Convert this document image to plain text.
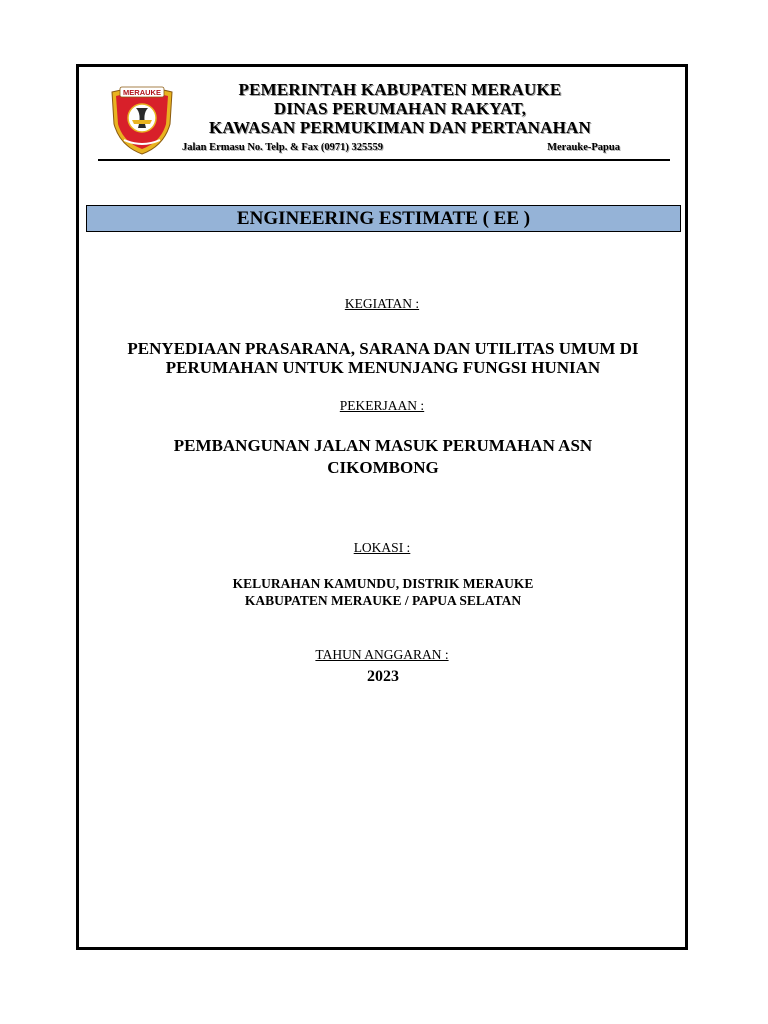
MERAUKE	PEMERINTAH KABUPATEN MERAUKE
DINAS PERUMAHAN RAKYAT,
KAWASAN PERMUKIMAN DAN PERTANAHAN
Jalan Ermasu No. Telp. & Fax (0971) 325559	Merauke-Papua
ENGINEERING ESTIMATE ( EE )
KEGIATAN :
PENYEDIAAN PRASARANA, SARANA DAN UTILITAS UMUM DI
PERUMAHAN UNTUK MENUNJANG FUNGSI HUNIAN
PEKERJAAN :
PEMBANGUNAN JALAN MASUK PERUMAHAN ASN
CIKOMBONG
LOKASI :
KELURAHAN KAMUNDU, DISTRIK MERAUKE
KABUPATEN MERAUKE / PAPUA SELATAN
TAHUN ANGGARAN :
2023
